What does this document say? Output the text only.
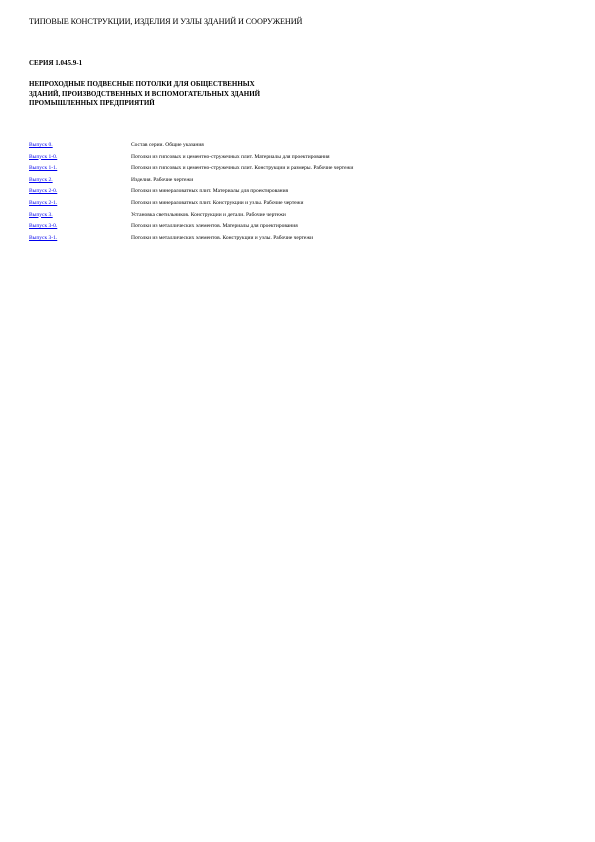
ТИПОВЫЕ КОНСТРУКЦИИ, ИЗДЕЛИЯ И УЗЛЫ ЗДАНИЙ И СООРУЖЕНИЙ
СЕРИЯ 1.045.9-1
НЕПРОХОДНЫЕ ПОДВЕСНЫЕ ПОТОЛКИ ДЛЯ ОБЩЕСТВЕННЫХ
ЗДАНИЙ, ПРОИЗВОДСТВЕННЫХ И ВСПОМОГАТЕЛЬНЫХ ЗДАНИЙ
ПРОМЫШЛЕННЫХ ПРЕДПРИЯТИЙ
Выпуск 0.	Состав серии. Общие указания
Выпуск 1-0.	Потолки из гипсовых и цементно-стружечных плит. Материалы для проектирования
Выпуск 1-1.	Потолки из гипсовых и цементно-стружечных плит. Конструкции и размеры. Рабочие чертежи
Выпуск 2.	Изделия. Рабочие чертежи
Выпуск 2-0.	Потолки из минераловатных плит. Материалы для проектирования
Выпуск 2-1.	Потолки из минераловатных плит. Конструкции и узлы. Рабочие чертежи
Выпуск 3.	Установка светильников. Конструкции и детали. Рабочие чертежи
Выпуск 3-0.	Потолки из металлических элементов. Материалы для проектирования
Выпуск 3-1.	Потолки из металлических элементов. Конструкции и узлы. Рабочие чертежи
